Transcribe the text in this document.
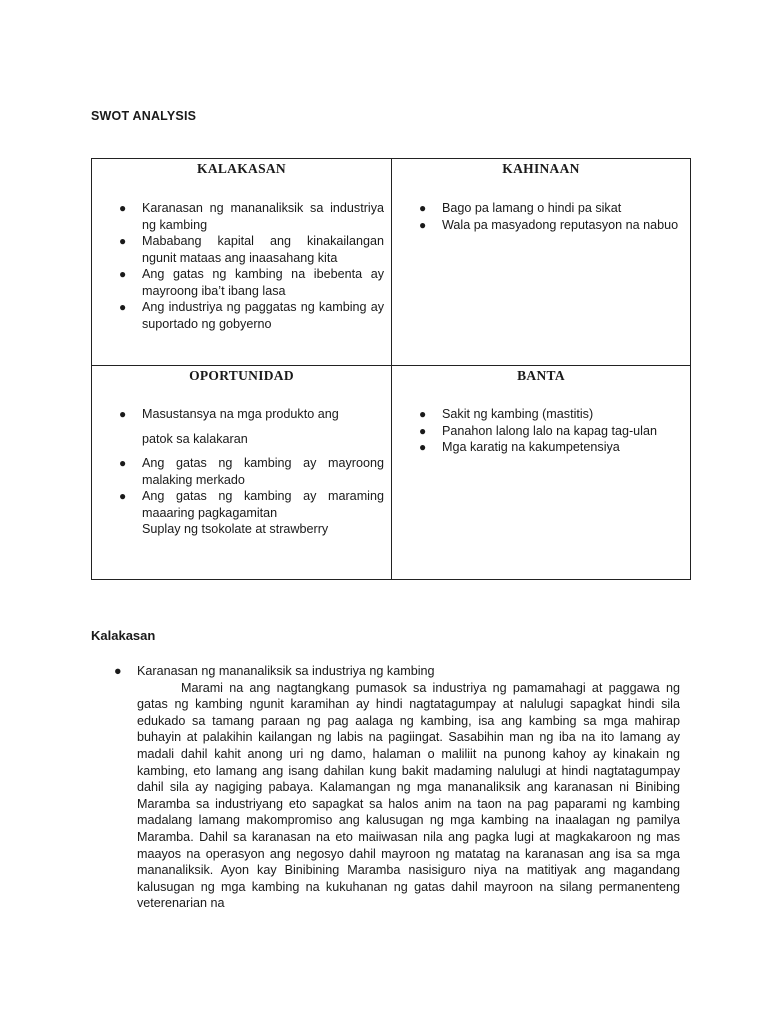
SWOT ANALYSIS
KALAKASAN
● Karanasan ng mananaliksik sa industriya ng kambing
● Mababang kapital ang kinakailangan ngunit mataas ang inaasahang kita
● Ang gatas ng kambing na ibebenta ay mayroong iba’t ibang lasa
● Ang industriya ng paggatas ng kambing ay suportado ng gobyerno
KAHINAAN
● Bago pa lamang o hindi pa sikat
● Wala pa masyadong reputasyon na nabuo
OPORTUNIDAD
● Masustansya na mga produkto ang
patok sa kalakaran
● Ang gatas ng kambing ay mayroong malaking merkado
● Ang gatas ng kambing ay maraming maaaring pagkagamitan
Suplay ng tsokolate at strawberry
BANTA
● Sakit ng kambing (mastitis)
● Panahon lalong lalo na kapag tag-ulan
● Mga karatig na kakumpetensiya
Kalakasan
●	Karanasan ng mananaliksik sa industriya ng kambing
Marami na ang nagtangkang pumasok sa industriya ng pamamahagi at paggawa ng gatas ng kambing ngunit karamihan ay hindi nagtatagumpay at nalulugi sapagkat hindi sila edukado sa tamang paraan ng pag aalaga ng kambing, isa ang kambing sa mga mahirap buhayin at palakihin kailangan ng labis na pagiingat. Sasabihin man ng iba na ito lamang ay madali dahil kahit anong uri ng damo, halaman o maliliit na punong kahoy ay kinakain ng kambing, eto lamang ang isang dahilan kung bakit madaming nalulugi at hindi nagtatagumpay dahil sila ay nagiging pabaya. Kalamangan ng mga mananaliksik ang karanasan ni Binibing Maramba sa industriyang eto sapagkat sa halos anim na taon na pag paparami ng kambing madalang lamang makompromiso ang kalusugan ng mga kambing na inaalagan ng pamilya Maramba. Dahil sa karanasan na eto maiiwasan nila ang pagka lugi at magkakaroon ng mas maayos na operasyon ang negosyo dahil mayroon ng matatag na karanasan ang isa sa mga mananaliksik. Ayon kay Binibining Maramba nasisiguro niya na matitiyak ang magandang kalusugan ng mga kambing na kukuhanan ng gatas dahil mayroon na silang permanenteng veterenarian na
